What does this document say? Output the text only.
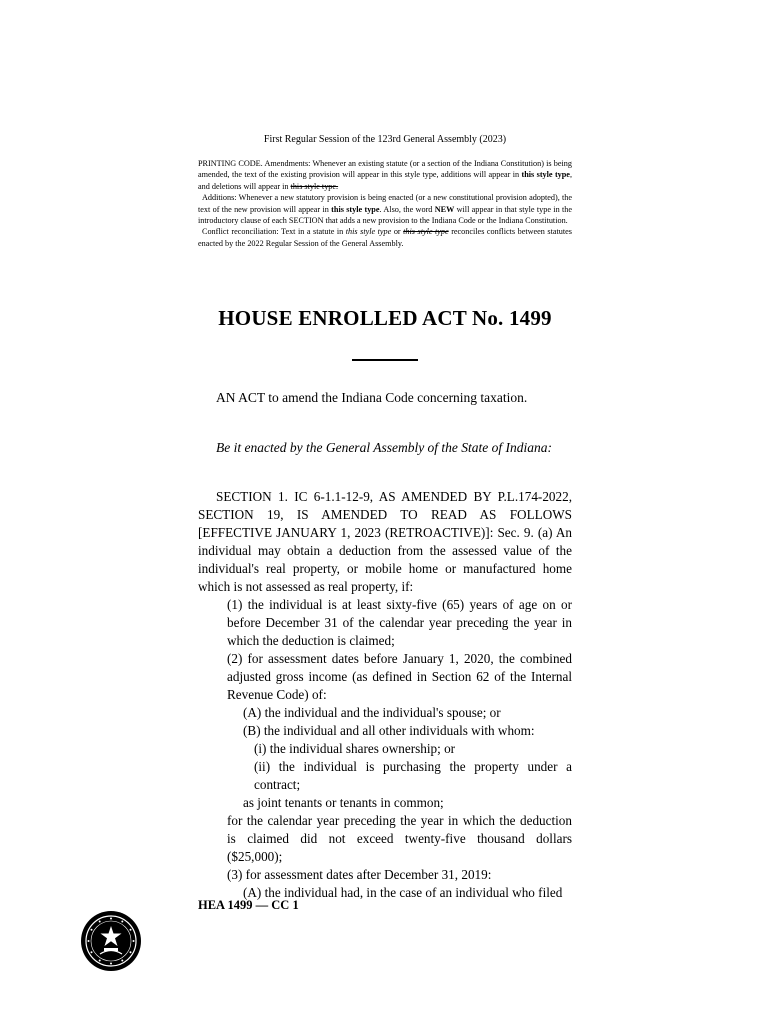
First Regular Session of the 123rd General Assembly (2023)

PRINTING CODE. Amendments: Whenever an existing statute (or a section of the Indiana Constitution) is being amended, the text of the existing provision will appear in this style type, additions will appear in this style type, and deletions will appear in this style type.

Additions: Whenever a new statutory provision is being enacted (or a new constitutional provision adopted), the text of the new provision will appear in this style type. Also, the word NEW will appear in that style type in the introductory clause of each SECTION that adds a new provision to the Indiana Code or the Indiana Constitution.

Conflict reconciliation: Text in a statute in this style type or this style type reconciles conflicts between statutes enacted by the 2022 Regular Session of the General Assembly.

HOUSE ENROLLED ACT No. 1499
AN ACT to amend the Indiana Code concerning taxation.
Be it enacted by the General Assembly of the State of Indiana:

SECTION 1. IC 6-1.1-12-9, AS AMENDED BY P.L.174-2022, SECTION 19, IS AMENDED TO READ AS FOLLOWS [EFFECTIVE JANUARY 1, 2023 (RETROACTIVE)]: Sec. 9. (a) An individual may obtain a deduction from the assessed value of the individual's real property, or mobile home or manufactured home which is not assessed as real property, if:

(1) the individual is at least sixty-five (65) years of age on or before December 31 of the calendar year preceding the year in which the deduction is claimed;

(2) for assessment dates before January 1, 2020, the combined adjusted gross income (as defined in Section 62 of the Internal Revenue Code) of:

(A) the individual and the individual's spouse; or

(B) the individual and all other individuals with whom:

(i) the individual shares ownership; or

(ii) the individual is purchasing the property under a contract;

as joint tenants or tenants in common;

for the calendar year preceding the year in which the deduction is claimed did not exceed twenty-five thousand dollars ($25,000);

(3) for assessment dates after December 31, 2019:

(A) the individual had, in the case of an individual who filed

HEA 1499 — CC 1
